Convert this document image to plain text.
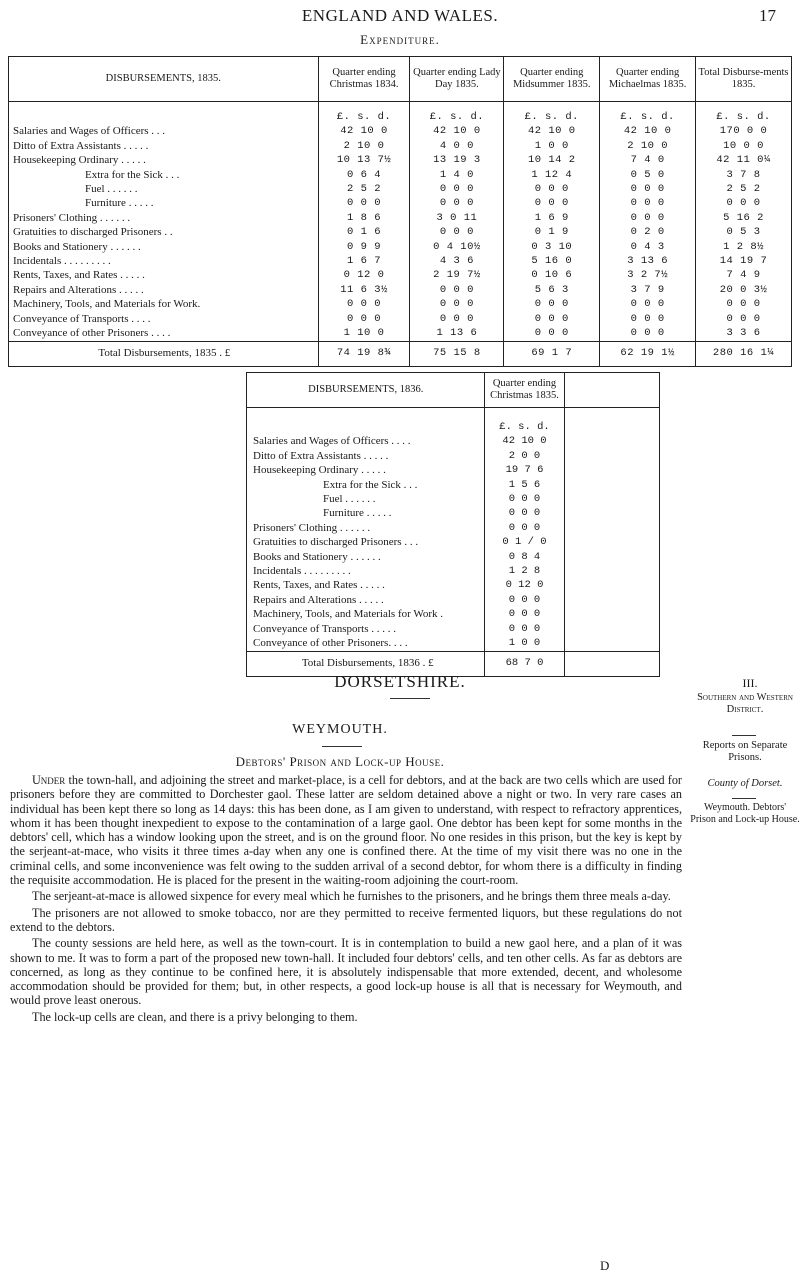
ENGLAND AND WALES.	17
Expenditure.
DISBURSEMENTS, 1835.	Quarter ending Christmas 1834.	Quarter ending Lady Day 1835.	Quarter ending Midsummer 1835.	Quarter ending Michaelmas 1835.	Total Disburse-ments 1835.
	£. s. d.	£. s. d.	£. s. d.	£. s. d.	£. s. d.
Salaries and Wages of Officers . . .	42 10 0	42 10 0	42 10 0	42 10 0	170 0 0
Ditto of Extra Assistants . . . . .	2 10 0	4 0 0	1 0 0	2 10 0	10 0 0
Housekeeping Ordinary . . . . .	10 13 7½	13 19 3	10 14 2	7 4 0	42 11 0¼
Extra for the Sick . . .	0 6 4	1 4 0	1 12 4	0 5 0	3 7 8
Fuel . . . . . .	2 5 2	0 0 0	0 0 0	0 0 0	2 5 2
Furniture . . . . .	0 0 0	0 0 0	0 0 0	0 0 0	0 0 0
Prisoners' Clothing . . . . . .	1 8 6	3 0 11	1 6 9	0 0 0	5 16 2
Gratuities to discharged Prisoners . .	0 1 6	0 0 0	0 1 9	0 2 0	0 5 3
Books and Stationery . . . . . .	0 9 9	0 4 10½	0 3 10	0 4 3	1 2 8½
Incidentals . . . . . . . . .	1 6 7	4 3 6	5 16 0	3 13 6	14 19 7
Rents, Taxes, and Rates . . . . .	0 12 0	2 19 7½	0 10 6	3 2 7½	7 4 9
Repairs and Alterations . . . . .	11 6 3½	0 0 0	5 6 3	3 7 9	20 0 3½
Machinery, Tools, and Materials for Work.	0 0 0	0 0 0	0 0 0	0 0 0	0 0 0
Conveyance of Transports . . . .	0 0 0	0 0 0	0 0 0	0 0 0	0 0 0
Conveyance of other Prisoners . . . .	1 10 0	1 13 6	0 0 0	0 0 0	3 3 6
Total Disbursements, 1835 . £	74 19 8¾	75 15 8	69 1 7	62 19 1½	280 16 1¼
DISBURSEMENTS, 1836.	Quarter ending Christmas 1835.	
	£. s. d.	
Salaries and Wages of Officers . . . .	42 10 0	
Ditto of Extra Assistants . . . . .	2 0 0	
Housekeeping Ordinary . . . . .	19 7 6	
Extra for the Sick . . .	1 5 6	
Fuel . . . . . .	0 0 0	
Furniture . . . . .	0 0 0	
Prisoners' Clothing . . . . . .	0 0 0	
Gratuities to discharged Prisoners . . .	0 1 / 0	
Books and Stationery . . . . . .	0 8 4	
Incidentals . . . . . . . . .	1 2 8	
Rents, Taxes, and Rates . . . . .	0 12 0	
Repairs and Alterations . . . . .	0 0 0	
Machinery, Tools, and Materials for Work .	0 0 0	
Conveyance of Transports . . . . .	0 0 0	
Conveyance of other Prisoners. . . .	1 0 0	
Total Disbursements, 1836 . £	68 7 0	
DORSETSHIRE.
WEYMOUTH.
Debtors' Prison and Lock-up House.
III.
Southern and Western District.
Reports on Separate Prisons.
County of Dorset.
Weymouth. Debtors' Prison and Lock-up House.

Under the town-hall, and adjoining the street and market-place, is a cell for debtors, and at the back are two cells which are used for prisoners before they are committed to Dorchester gaol. These latter are seldom detained above a night or two. In very rare cases an individual has been kept there so long as 14 days: this has been done, as I am given to understand, with respect to refractory apprentices, whom it has been thought inexpedient to expose to the contamination of a large gaol. One debtor has been kept for some months in the debtors' cell, which has a window looking upon the street, and is on the ground floor. No one resides in this prison, but the key is kept by the serjeant-at-mace, who visits it three times a-day when any one is confined there. At the time of my visit there was no one in the criminal cells, and some inconvenience was felt owing to the sudden arrival of a second debtor, for whom there is a difficulty in finding the requisite accommodation. He is placed for the present in the waiting-room adjoining the court-room.

The serjeant-at-mace is allowed sixpence for every meal which he furnishes to the prisoners, and he brings them three meals a-day.

The prisoners are not allowed to smoke tobacco, nor are they permitted to receive fermented liquors, but these regulations do not extend to the debtors.

The county sessions are held here, as well as the town-court. It is in contemplation to build a new gaol here, and a plan of it was shown to me. It was to form a part of the proposed new town-hall. It included four debtors' cells, and ten other cells. As far as debtors are concerned, as long as they continue to be confined here, it is absolutely indispensable that more extended, decent, and wholesome accommodation should be provided for them; but, in other respects, a good lock-up house is all that is necessary for Weymouth, and would prove least onerous.

The lock-up cells are clean, and there is a privy belonging to them.

D
